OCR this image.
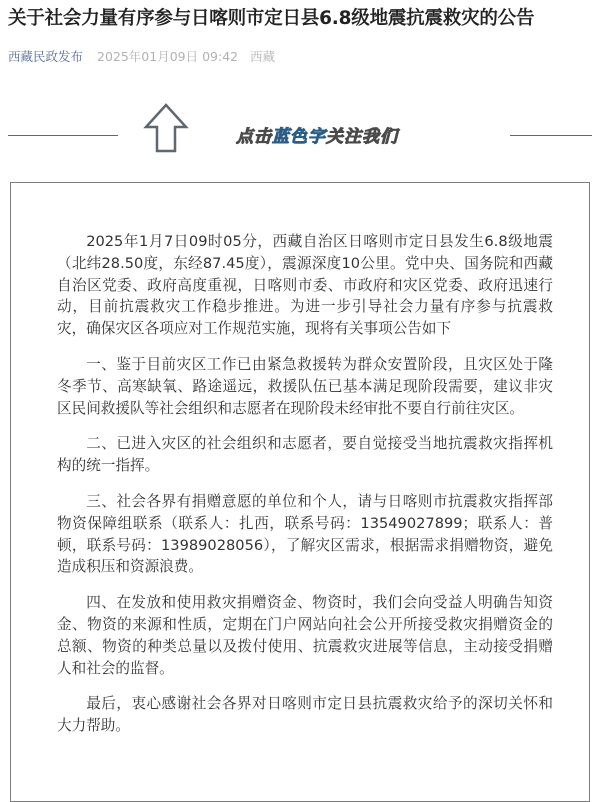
关于社会力量有序参与日喀则市定日县6.8级地震抗震救灾的公告
西藏民政发布 2025年01月09日 09:42 西藏
点击蓝色字关注我们

2025年1月7日09时05分，西藏自治区日喀则市定日县发生6.8级地震（北纬28.50度，东经87.45度），震源深度10公里。党中央、国务院和西藏自治区党委、政府高度重视，日喀则市委、市政府和灾区党委、政府迅速行动，目前抗震救灾工作稳步推进。为进一步引导社会力量有序参与抗震救灾，确保灾区各项应对工作规范实施，现将有关事项公告如下

一、鉴于目前灾区工作已由紧急救援转为群众安置阶段，且灾区处于隆冬季节、高寒缺氧、路途遥远，救援队伍已基本满足现阶段需要，建议非灾区民间救援队等社会组织和志愿者在现阶段未经审批不要自行前往灾区。

二、已进入灾区的社会组织和志愿者，要自觉接受当地抗震救灾指挥机构的统一指挥。

三、社会各界有捐赠意愿的单位和个人，请与日喀则市抗震救灾指挥部物资保障组联系（联系人：扎西，联系号码：13549027899；联系人：普顿，联系号码：13989028056），了解灾区需求，根据需求捐赠物资，避免造成积压和资源浪费。

四、在发放和使用救灾捐赠资金、物资时，我们会向受益人明确告知资金、物资的来源和性质，定期在门户网站向社会公开所接受救灾捐赠资金的总额、物资的种类总量以及拨付使用、抗震救灾进展等信息，主动接受捐赠人和社会的监督。

最后，衷心感谢社会各界对日喀则市定日县抗震救灾给予的深切关怀和大力帮助。
